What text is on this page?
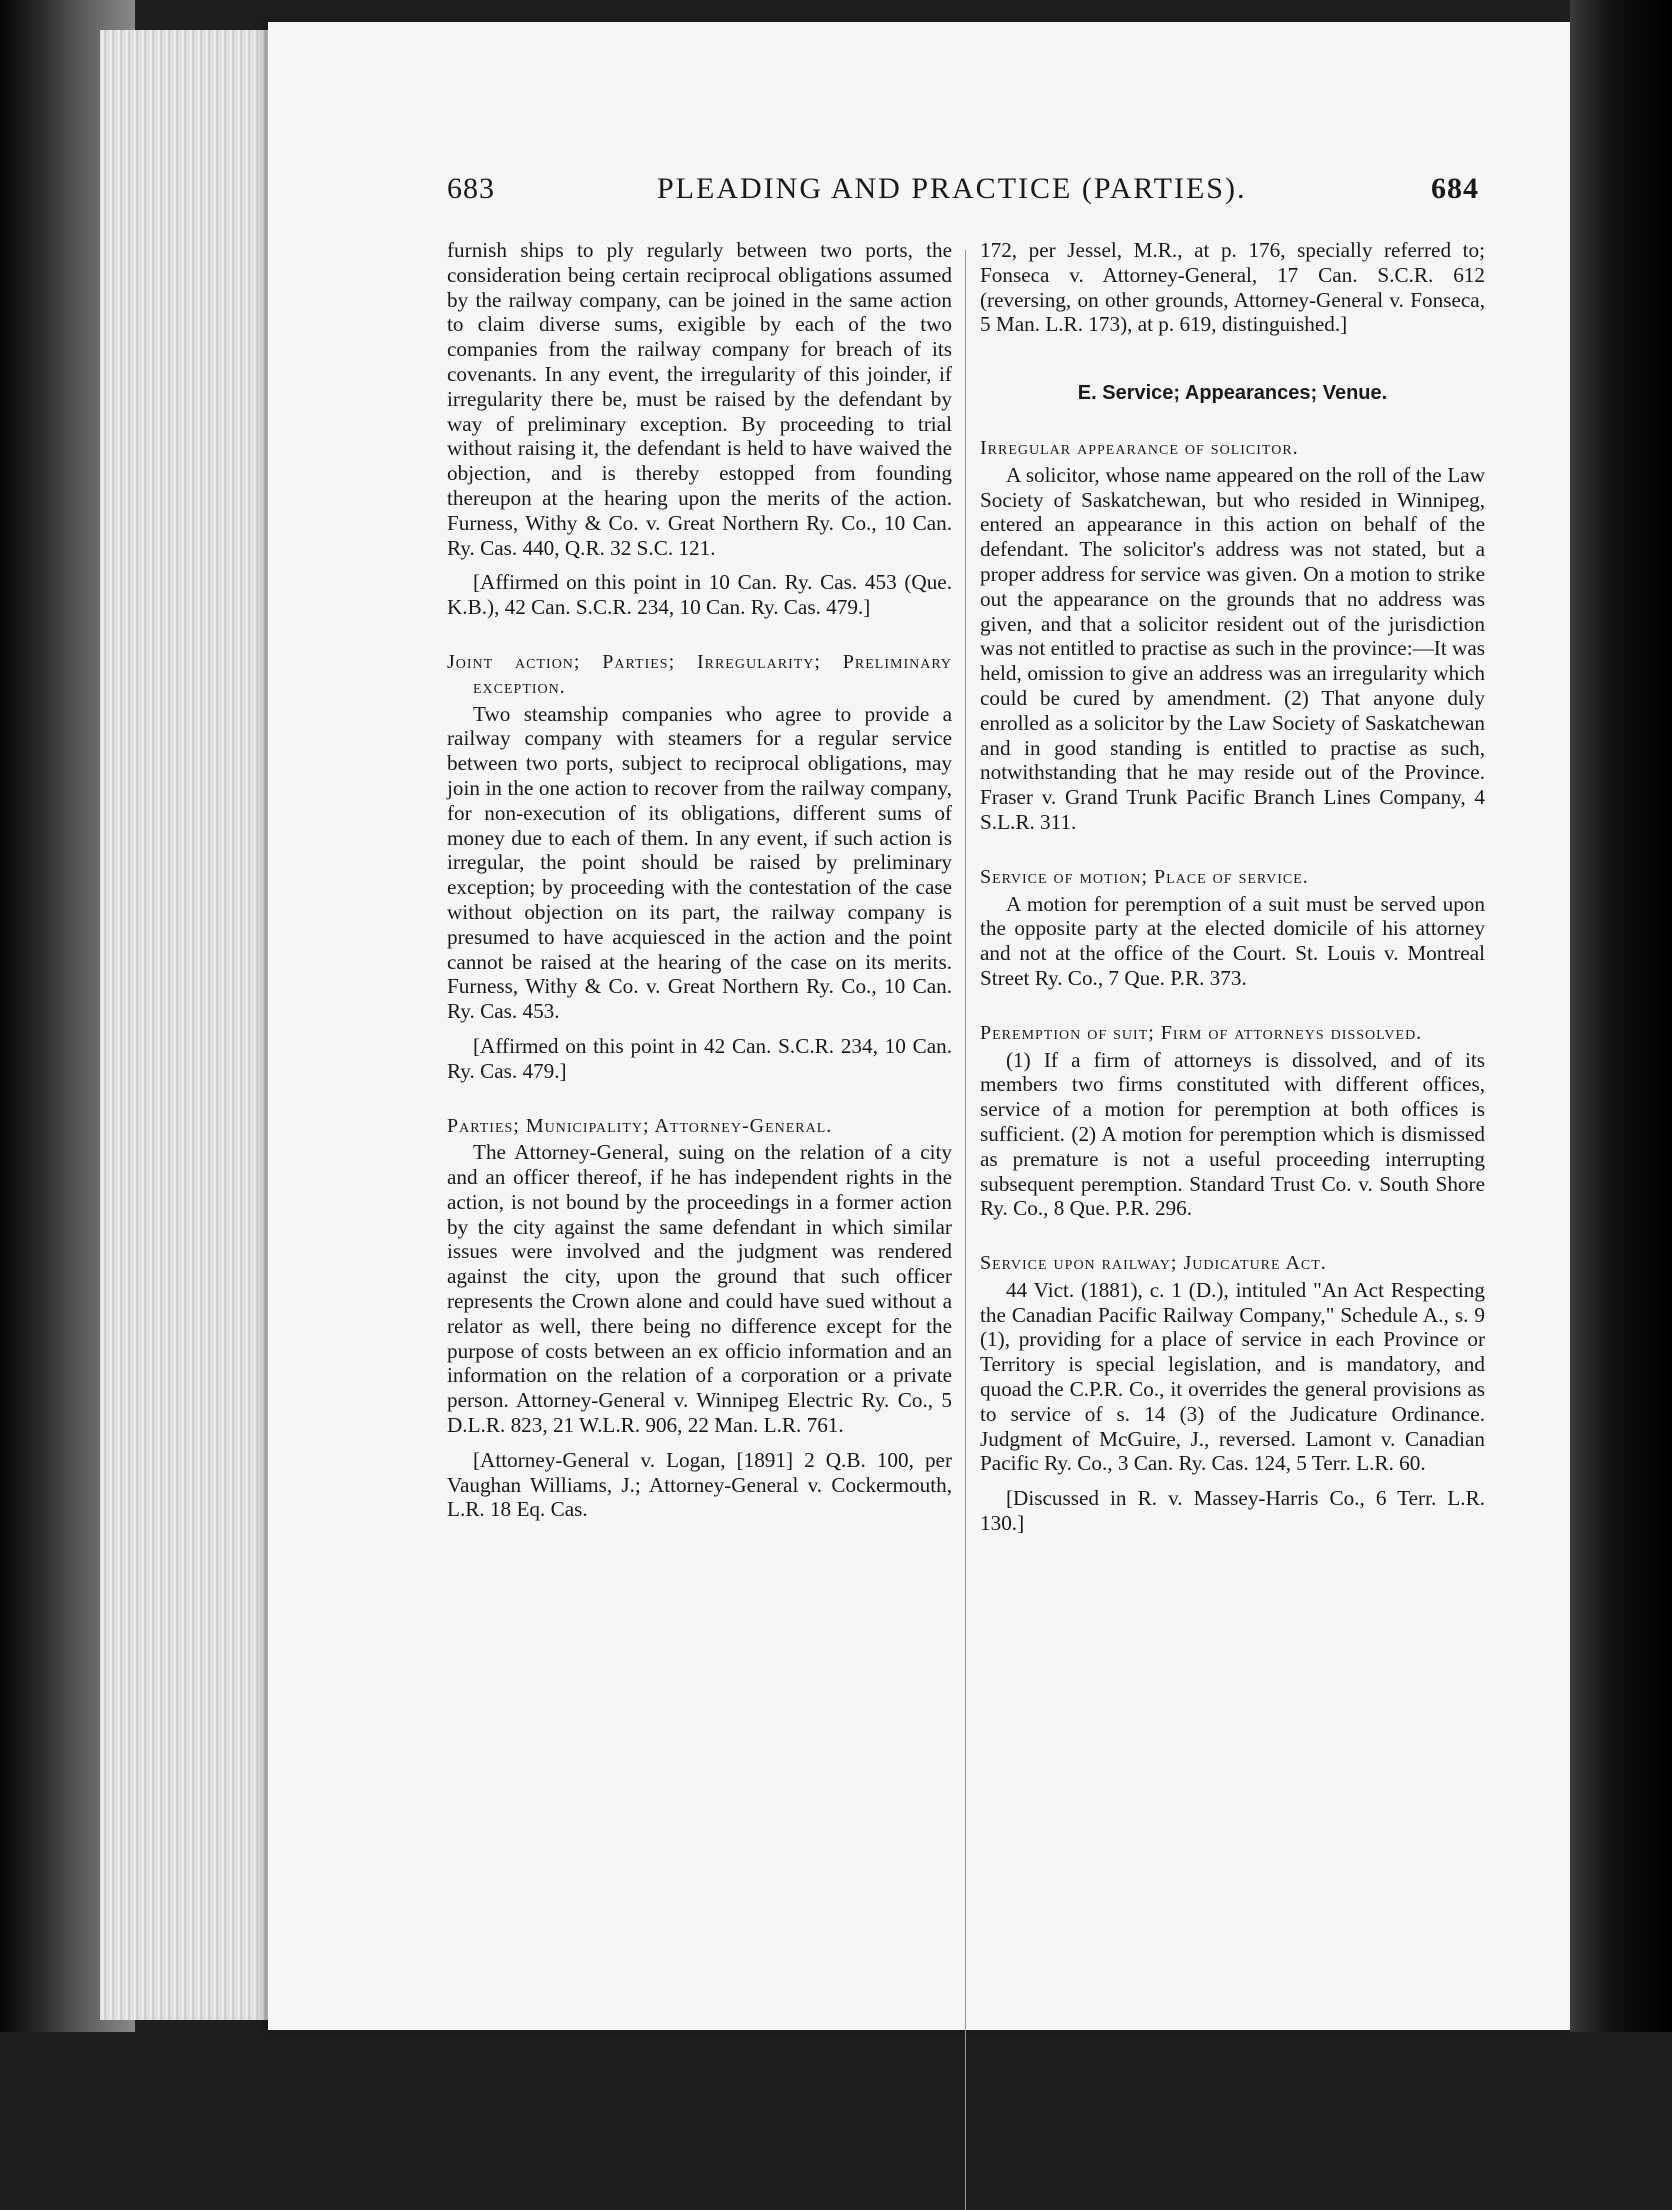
683	PLEADING AND PRACTICE (PARTIES).	684

furnish ships to ply regularly between two ports, the consideration being certain reciprocal obligations assumed by the railway company, can be joined in the same action to claim diverse sums, exigible by each of the two companies from the railway company for breach of its covenants. In any event, the irregularity of this joinder, if irregularity there be, must be raised by the defendant by way of preliminary exception. By proceeding to trial without raising it, the defendant is held to have waived the objection, and is thereby estopped from founding thereupon at the hearing upon the merits of the action. Furness, Withy & Co. v. Great Northern Ry. Co., 10 Can. Ry. Cas. 440, Q.R. 32 S.C. 121.

[Affirmed on this point in 10 Can. Ry. Cas. 453 (Que. K.B.), 42 Can. S.C.R. 234, 10 Can. Ry. Cas. 479.]

Joint action; Parties; Irregularity; Preliminary exception.

Two steamship companies who agree to provide a railway company with steamers for a regular service between two ports, subject to reciprocal obligations, may join in the one action to recover from the railway company, for non-execution of its obligations, different sums of money due to each of them. In any event, if such action is irregular, the point should be raised by preliminary exception; by proceeding with the contestation of the case without objection on its part, the railway company is presumed to have acquiesced in the action and the point cannot be raised at the hearing of the case on its merits. Furness, Withy & Co. v. Great Northern Ry. Co., 10 Can. Ry. Cas. 453.

[Affirmed on this point in 42 Can. S.C.R. 234, 10 Can. Ry. Cas. 479.]

Parties; Municipality; Attorney-General.

The Attorney-General, suing on the relation of a city and an officer thereof, if he has independent rights in the action, is not bound by the proceedings in a former action by the city against the same defendant in which similar issues were involved and the judgment was rendered against the city, upon the ground that such officer represents the Crown alone and could have sued without a relator as well, there being no difference except for the purpose of costs between an ex officio information and an information on the relation of a corporation or a private person. Attorney-General v. Winnipeg Electric Ry. Co., 5 D.L.R. 823, 21 W.L.R. 906, 22 Man. L.R. 761.

[Attorney-General v. Logan, [1891] 2 Q.B. 100, per Vaughan Williams, J.; Attorney-General v. Cockermouth, L.R. 18 Eq. Cas.

172, per Jessel, M.R., at p. 176, specially referred to; Fonseca v. Attorney-General, 17 Can. S.C.R. 612 (reversing, on other grounds, Attorney-General v. Fonseca, 5 Man. L.R. 173), at p. 619, distinguished.]

E. Service; Appearances; Venue.

Irregular appearance of solicitor.

A solicitor, whose name appeared on the roll of the Law Society of Saskatchewan, but who resided in Winnipeg, entered an appearance in this action on behalf of the defendant. The solicitor's address was not stated, but a proper address for service was given. On a motion to strike out the appearance on the grounds that no address was given, and that a solicitor resident out of the jurisdiction was not entitled to practise as such in the province:—It was held, omission to give an address was an irregularity which could be cured by amendment. (2) That anyone duly enrolled as a solicitor by the Law Society of Saskatchewan and in good standing is entitled to practise as such, notwithstanding that he may reside out of the Province. Fraser v. Grand Trunk Pacific Branch Lines Company, 4 S.L.R. 311.

Service of motion; Place of service.

A motion for peremption of a suit must be served upon the opposite party at the elected domicile of his attorney and not at the office of the Court. St. Louis v. Montreal Street Ry. Co., 7 Que. P.R. 373.

Peremption of suit; Firm of attorneys dissolved.

(1) If a firm of attorneys is dissolved, and of its members two firms constituted with different offices, service of a motion for peremption at both offices is sufficient. (2) A motion for peremption which is dismissed as premature is not a useful proceeding interrupting subsequent peremption. Standard Trust Co. v. South Shore Ry. Co., 8 Que. P.R. 296.

Service upon railway; Judicature Act.

44 Vict. (1881), c. 1 (D.), intituled "An Act Respecting the Canadian Pacific Railway Company," Schedule A., s. 9 (1), providing for a place of service in each Province or Territory is special legislation, and is mandatory, and quoad the C.P.R. Co., it overrides the general provisions as to service of s. 14 (3) of the Judicature Ordinance. Judgment of McGuire, J., reversed. Lamont v. Canadian Pacific Ry. Co., 3 Can. Ry. Cas. 124, 5 Terr. L.R. 60.

[Discussed in R. v. Massey-Harris Co., 6 Terr. L.R. 130.]
